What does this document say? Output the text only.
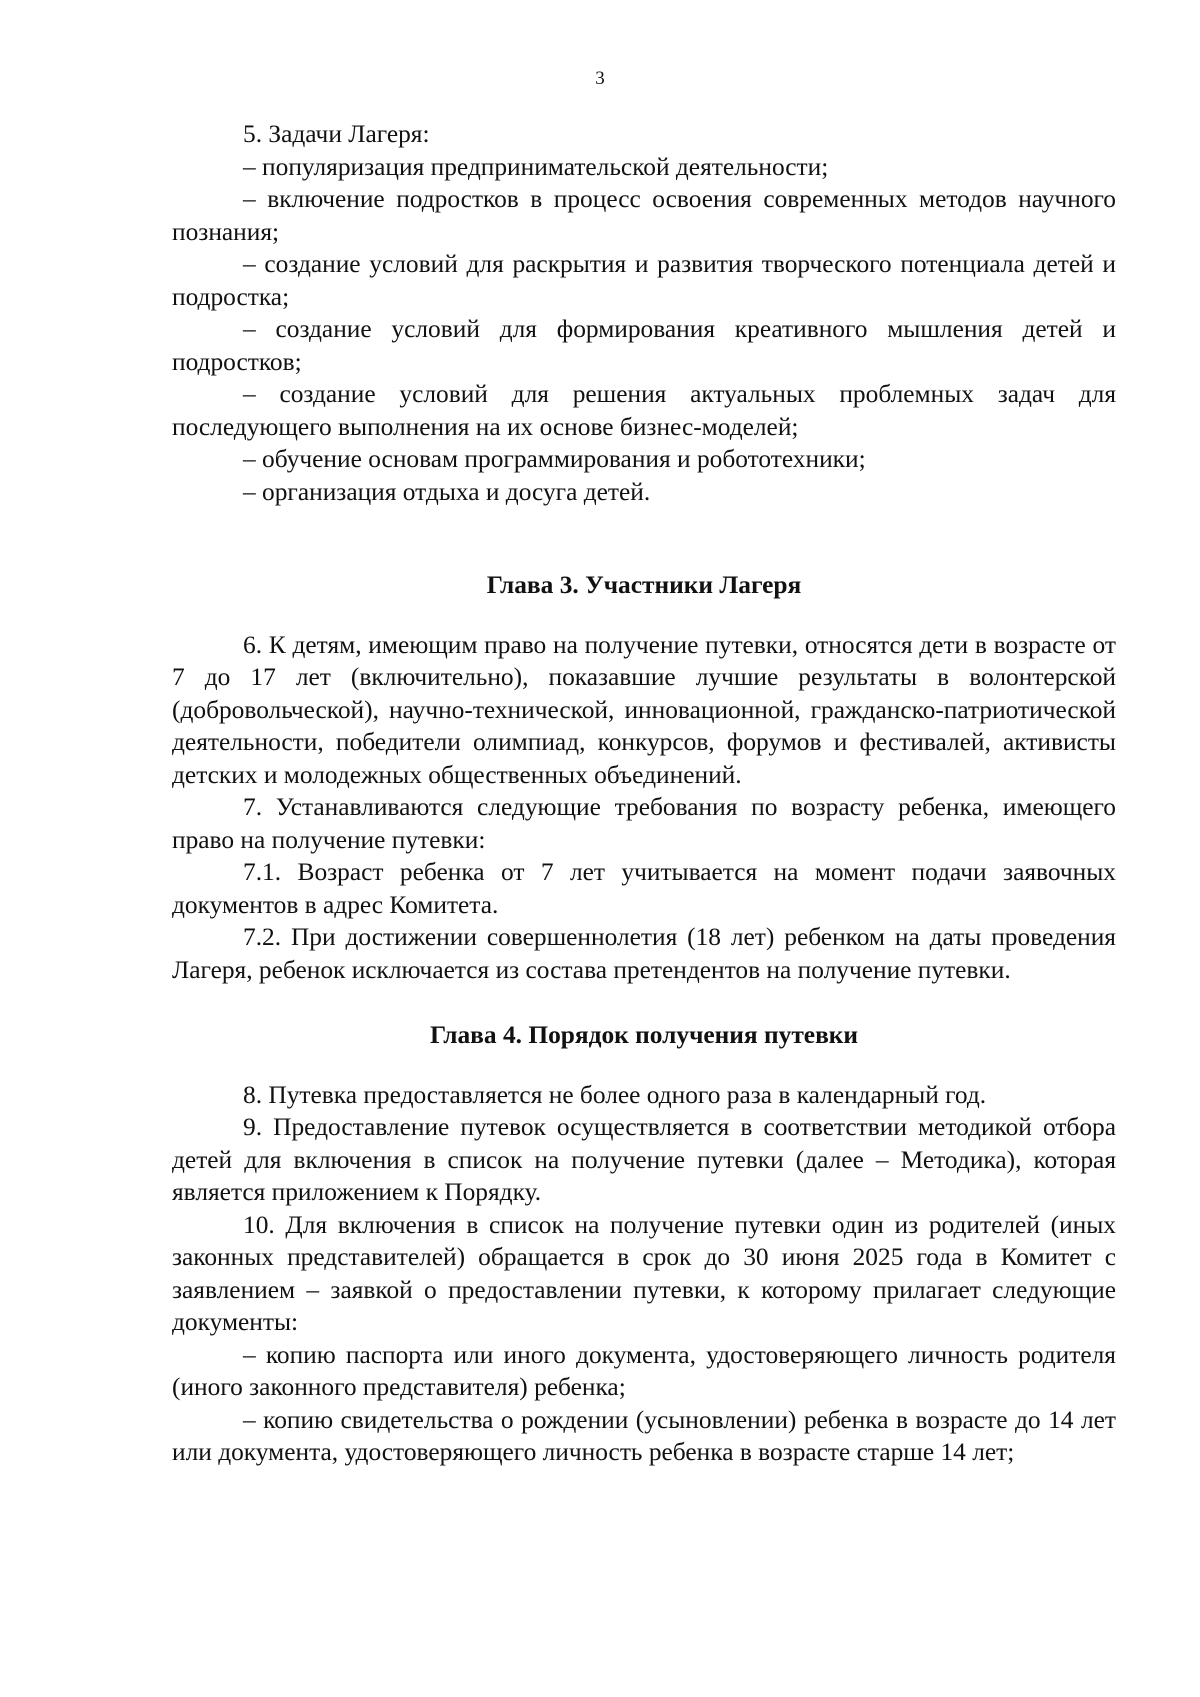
3

5. Задачи Лагеря:

– популяризация предпринимательской деятельности;

– включение подростков в процесс освоения современных методов научного познания;

– создание условий для раскрытия и развития творческого потенциала детей и подростка;

– создание условий для формирования креативного мышления детей и подростков;

– создание условий для решения актуальных проблемных задач для последующего выполнения на их основе бизнес-моделей;

– обучение основам программирования и робототехники;

– организация отдыха и досуга детей.

Глава 3. Участники Лагеря

6. К детям, имеющим право на получение путевки, относятся дети в возрасте от 7 до 17 лет (включительно), показавшие лучшие результаты в волонтерской (добровольческой), научно-технической, инновационной, гражданско-патриотической деятельности, победители олимпиад, конкурсов, форумов и фестивалей, активисты детских и молодежных общественных объединений.

7. Устанавливаются следующие требования по возрасту ребенка, имеющего право на получение путевки:

7.1. Возраст ребенка от 7 лет учитывается на момент подачи заявочных документов в адрес Комитета.

7.2. При достижении совершеннолетия (18 лет) ребенком на даты проведения Лагеря, ребенок исключается из состава претендентов на получение путевки.

Глава 4. Порядок получения путевки

8. Путевка предоставляется не более одного раза в календарный год.

9. Предоставление путевок осуществляется в соответствии методикой отбора детей для включения в список на получение путевки (далее – Методика), которая является приложением к Порядку.

10. Для включения в список на получение путевки один из родителей (иных законных представителей) обращается в срок до 30 июня 2025 года в Комитет с заявлением – заявкой о предоставлении путевки, к которому прилагает следующие документы:

– копию паспорта или иного документа, удостоверяющего личность родителя (иного законного представителя) ребенка;

– копию свидетельства о рождении (усыновлении) ребенка в возрасте до 14 лет или документа, удостоверяющего личность ребенка в возрасте старше 14 лет;
